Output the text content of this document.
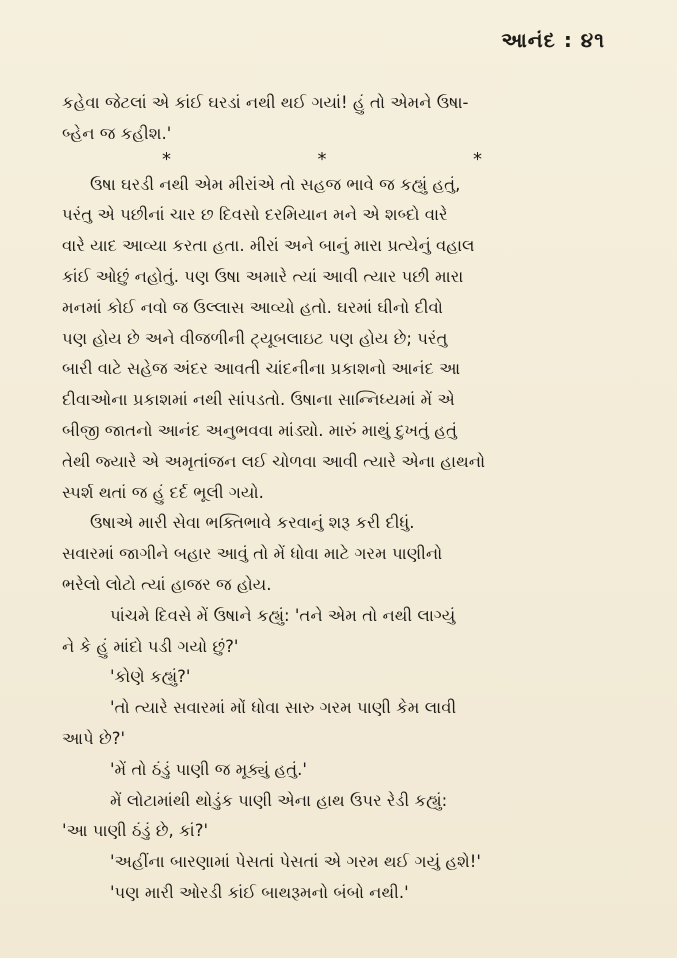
આનંદ : ૪૧

કહેવા જેટલાં એ કાંઈ ઘરડાં નથી થઈ ગયાં! હું તો એમને ઉષા-

બ્હેન જ કહીશ.'

*	*	*

ઉષા ઘરડી નથી એમ મીરાંએ તો સહજ ભાવે જ કહ્યું હતું,

પરંતુ એ પછીનાં ચાર છ દિવસો દરમિયાન મને એ શબ્દો વારે

વારે યાદ આવ્યા કરતા હતા. મીરાં અને બાનું મારા પ્રત્યેનું વહાલ

કાંઈ ઓછું નહોતું. પણ ઉષા અમારે ત્યાં આવી ત્યાર પછી મારા

મનમાં કોઈ નવો જ ઉલ્લાસ આવ્યો હતો. ઘરમાં ઘીનો દીવો

પણ હોય છે અને વીજળીની ટ્યૂબલાઇટ પણ હોય છે; પરંતુ

બારી વાટે સહેજ અંદર આવતી ચાંદનીના પ્રકાશનો આનંદ આ

દીવાઓના પ્રકાશમાં નથી સાંપડતો. ઉષાના સાન્નિધ્યમાં મેં એ

બીજી જાતનો આનંદ અનુભવવા માંડ્યો. મારું માથું દુખતું હતું

તેથી જ્યારે એ અમૃતાંજન લઈ ચોળવા આવી ત્યારે એના હાથનો

સ્પર્શ થતાં જ હું દર્દ ભૂલી ગયો.

ઉષાએ મારી સેવા ભક્તિભાવે કરવાનું શરૂ કરી દીધું.

સવારમાં જાગીને બહાર આવું તો મેં ધોવા માટે ગરમ પાણીનો

ભરેલો લોટો ત્યાં હાજર જ હોય.

પાંચમે દિવસે મેં ઉષાને કહ્યું: 'તને એમ તો નથી લાગ્યું

ને કે હું માંદો પડી ગયો છું?'

'કોણે કહ્યું?'

'તો ત્યારે સવારમાં મોં ધોવા સારુ ગરમ પાણી કેમ લાવી

આપે છે?'

'મેં તો ઠંડું પાણી જ મૂક્યું હતું.'

મેં લોટામાંથી થોડુંક પાણી એના હાથ ઉપર રેડી કહ્યું:

'આ પાણી ઠંડું છે, કાં?'

'અહીંના બારણામાં પેસતાં પેસતાં એ ગરમ થઈ ગયું હશે!'

'પણ મારી ઓરડી કાંઈ બાથરૂમનો બંબો નથી.'
